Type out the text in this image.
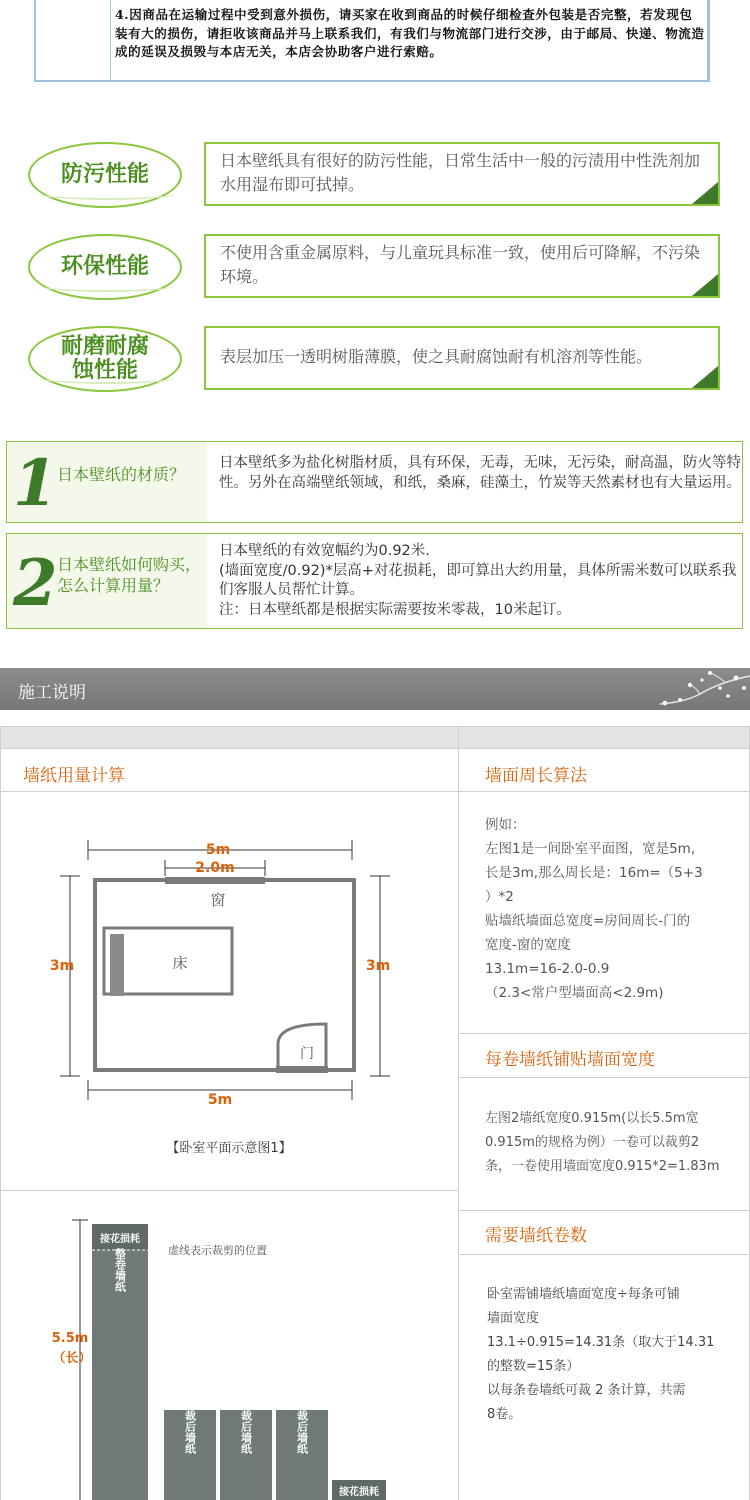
4.因商品在运输过程中受到意外损伤，请买家在收到商品的时候仔细检查外包装是否完整，若发现包装有大的损伤，请拒收该商品并马上联系我们，有我们与物流部门进行交涉，由于邮局、快递、物流造成的延误及损毁与本店无关，本店会协助客户进行索赔。
防污性能
日本壁纸具有很好的防污性能，日常生活中一般的污渍用中性洗剂加水用湿布即可拭掉。
环保性能
不使用含重金属原料，与儿童玩具标准一致，使用后可降解，不污染环境。
耐磨耐腐
蚀性能
表层加压一透明树脂薄膜，使之具耐腐蚀耐有机溶剂等性能。
1 日本壁纸的材质？
日本壁纸多为盐化树脂材质，具有环保，无毒，无味，无污染，耐高温，防火等特性。另外在高端壁纸领域，和纸，桑麻，硅藻土，竹炭等天然素材也有大量运用。
2 日本壁纸如何购买，怎么计算用量？
日本壁纸的有效宽幅约为0.92米.
(墙面宽度/0.92)*层高+对花损耗，即可算出大约用量，具体所需米数可以联系我们客服人员帮忙计算。
注：日本壁纸都是根据实际需要按米零裁，10米起订。
施工说明
墙纸用量计算	墙面周长算法
例如：
左图1是一间卧室平面图，宽是5m,
长是3m,那么周长是：16m=（5+3
）*2
贴墙纸墙面总宽度=房间周长-门的
宽度-窗的宽度
13.1m=16-2.0-0.9
（2.3<常户型墙面高<2.9m)
每卷墙纸铺贴墙面宽度
左图2墙纸宽度0.915m(以长5.5m宽
0.915m的规格为例）一卷可以裁剪2
条，一卷使用墙面宽度0.915*2=1.83m
需要墙纸卷数
卧室需铺墙纸墙面宽度÷每条可铺
墙面宽度
13.1÷0.915=14.31条（取大于14.31
的整数=15条）
以每条卷墙纸可裁 2 条计算，共需
8卷。
5m
2.0m
窗
床
门
3m	3m
5m
【卧室平面示意图1】
5.5m
（长）
接花损耗
整卷墙纸	虚线表示裁剪的位置
裁后墙纸	裁后墙纸	裁后墙纸
接花损耗
